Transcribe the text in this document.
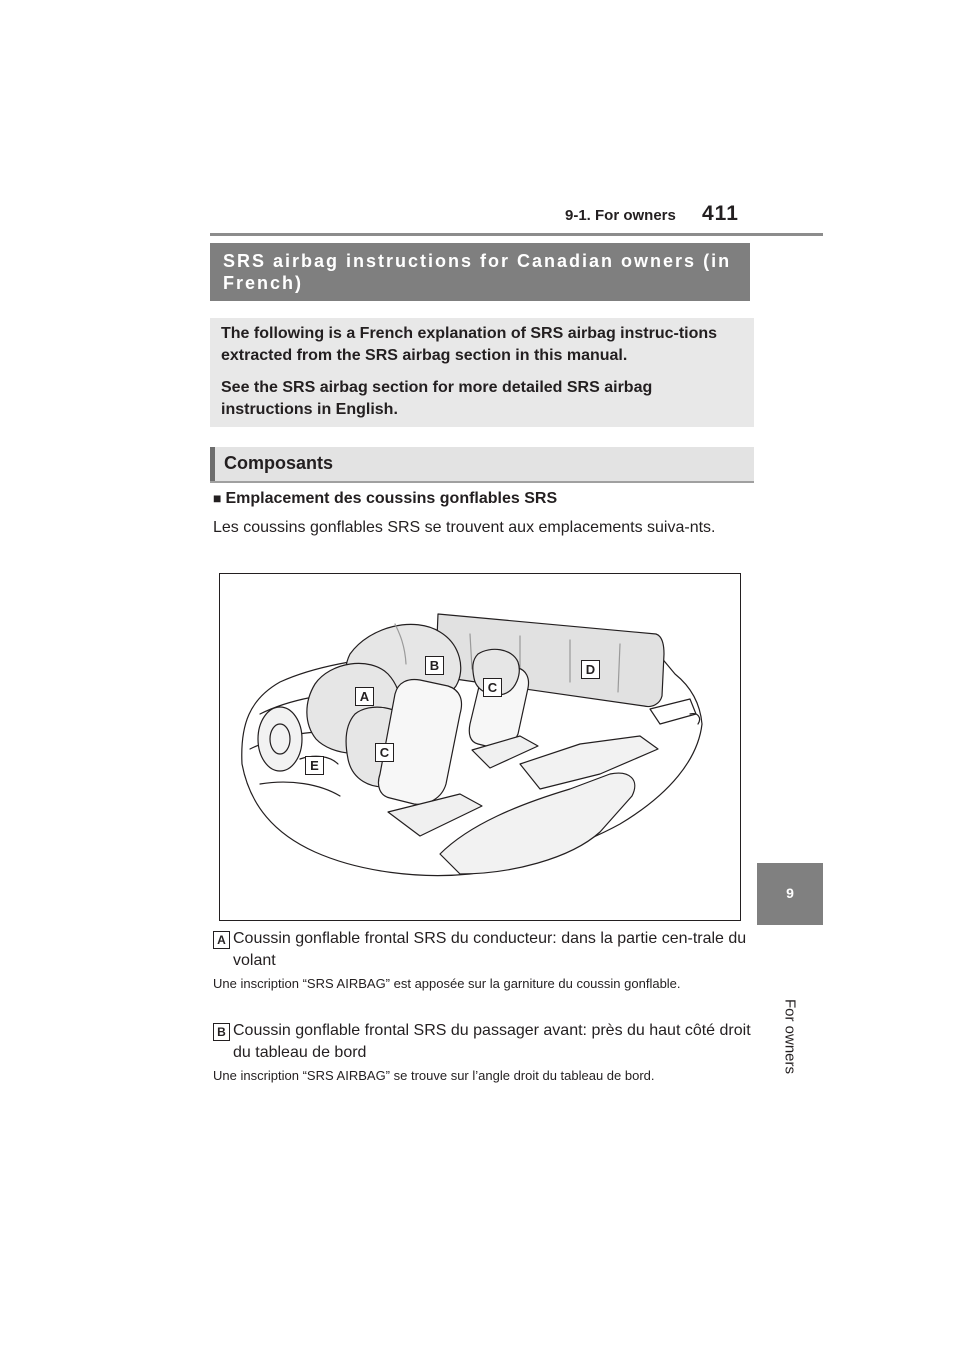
9-1. For owners 411
9
For owners
SRS airbag instructions for Canadian owners (in French)

The following is a French explanation of SRS airbag instruc-tions extracted from the SRS airbag section in this manual.

See the SRS airbag section for more detailed SRS airbag instructions in English.

Composants
■ Emplacement des coussins gonflables SRS

Les coussins gonflables SRS se trouvent aux emplacements suiva-nts.

A
B
C
C
D
E
A Coussin gonflable frontal SRS du conducteur: dans la partie cen-trale du volant

Une inscription “SRS AIRBAG” est apposée sur la garniture du coussin gonflable.

B Coussin gonflable frontal SRS du passager avant: près du haut côté droit du tableau de bord

Une inscription “SRS AIRBAG” se trouve sur l’angle droit du tableau de bord.
